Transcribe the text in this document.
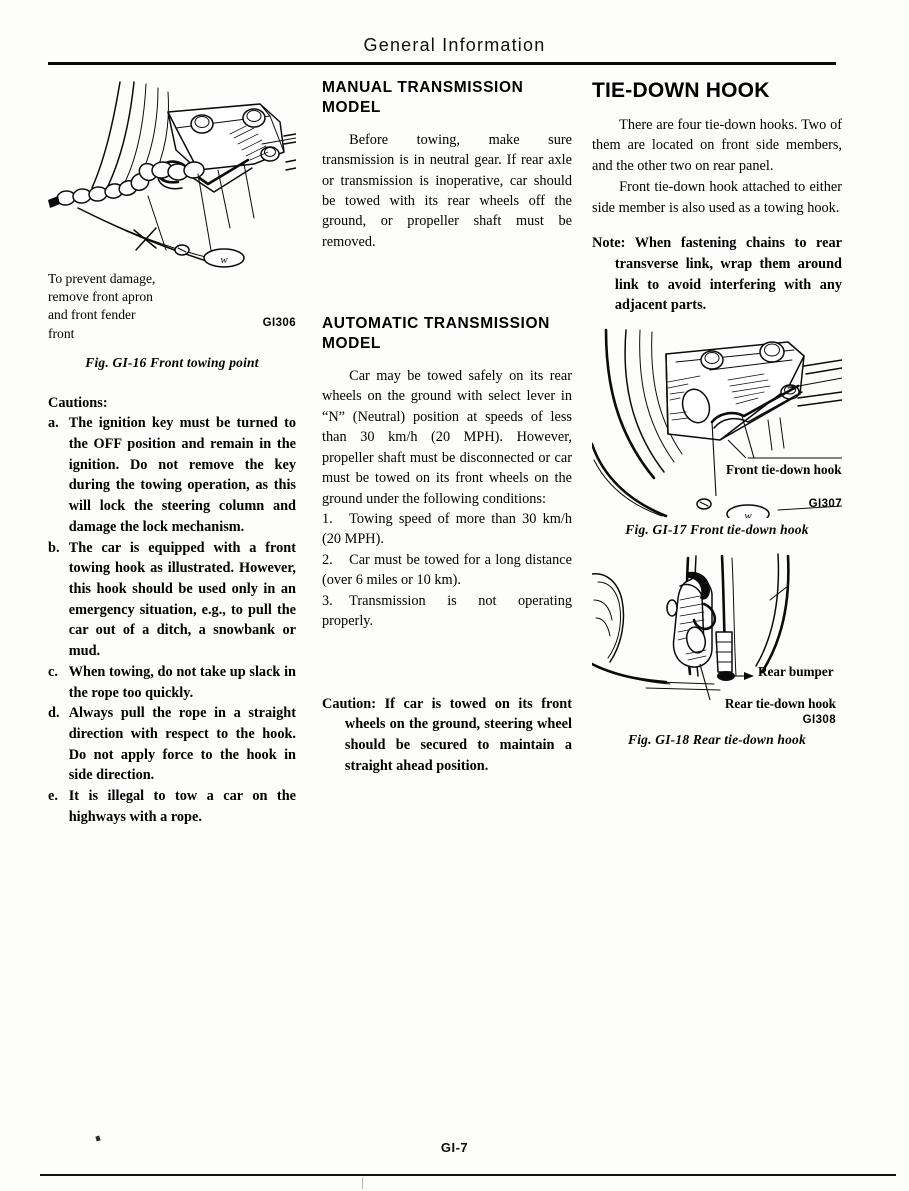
General Information
w
To prevent damage,
remove front apron
and front fender
front
GI306
Fig. GI-16 Front towing point
Cautions:
a. The ignition key must be turned to the OFF position and remain in the ignition. Do not remove the key during the towing operation, as this will lock the steering column and damage the lock mechanism.
b. The car is equipped with a front towing hook as illustrated. However, this hook should be used only in an emergency situation, e.g., to pull the car out of a ditch, a snowbank or mud.
c. When towing, do not take up slack in the rope too quickly.
d. Always pull the rope in a straight direction with respect to the hook. Do not apply force to the hook in side direction.
e. It is illegal to tow a car on the highways with a rope.
MANUAL TRANSMISSION
MODEL

Before towing, make sure transmission is in neutral gear. If rear axle or transmission is inoperative, car should be towed with its rear wheels off the ground, or propeller shaft must be removed.

AUTOMATIC TRANSMISSION
MODEL

Car may be towed safely on its rear wheels on the ground with select lever in “N” (Neutral) position at speeds of less than 30 km/h (20 MPH). However, propeller shaft must be disconnected or car must be towed on its front wheels on the ground under the following conditions:

1. Towing speed of more than 30 km/h (20 MPH).
2. Car must be towed for a long distance (over 6 miles or 10 km).
3. Transmission is not operating properly.

Caution: If car is towed on its front wheels on the ground, steering wheel should be secured to maintain a straight ahead position.

TIE-DOWN HOOK

There are four tie-down hooks. Two of them are located on front side members, and the other two on rear panel.

Front tie-down hook attached to either side member is also used as a towing hook.

Note: When fastening chains to rear transverse link, wrap them around link to avoid interfering with any adjacent parts.

w
Front tie-down hook
GI307
Fig. GI-17 Front tie-down hook
Rear bumper
Rear tie-down hook
GI308
Fig. GI-18 Rear tie-down hook
GI-7
